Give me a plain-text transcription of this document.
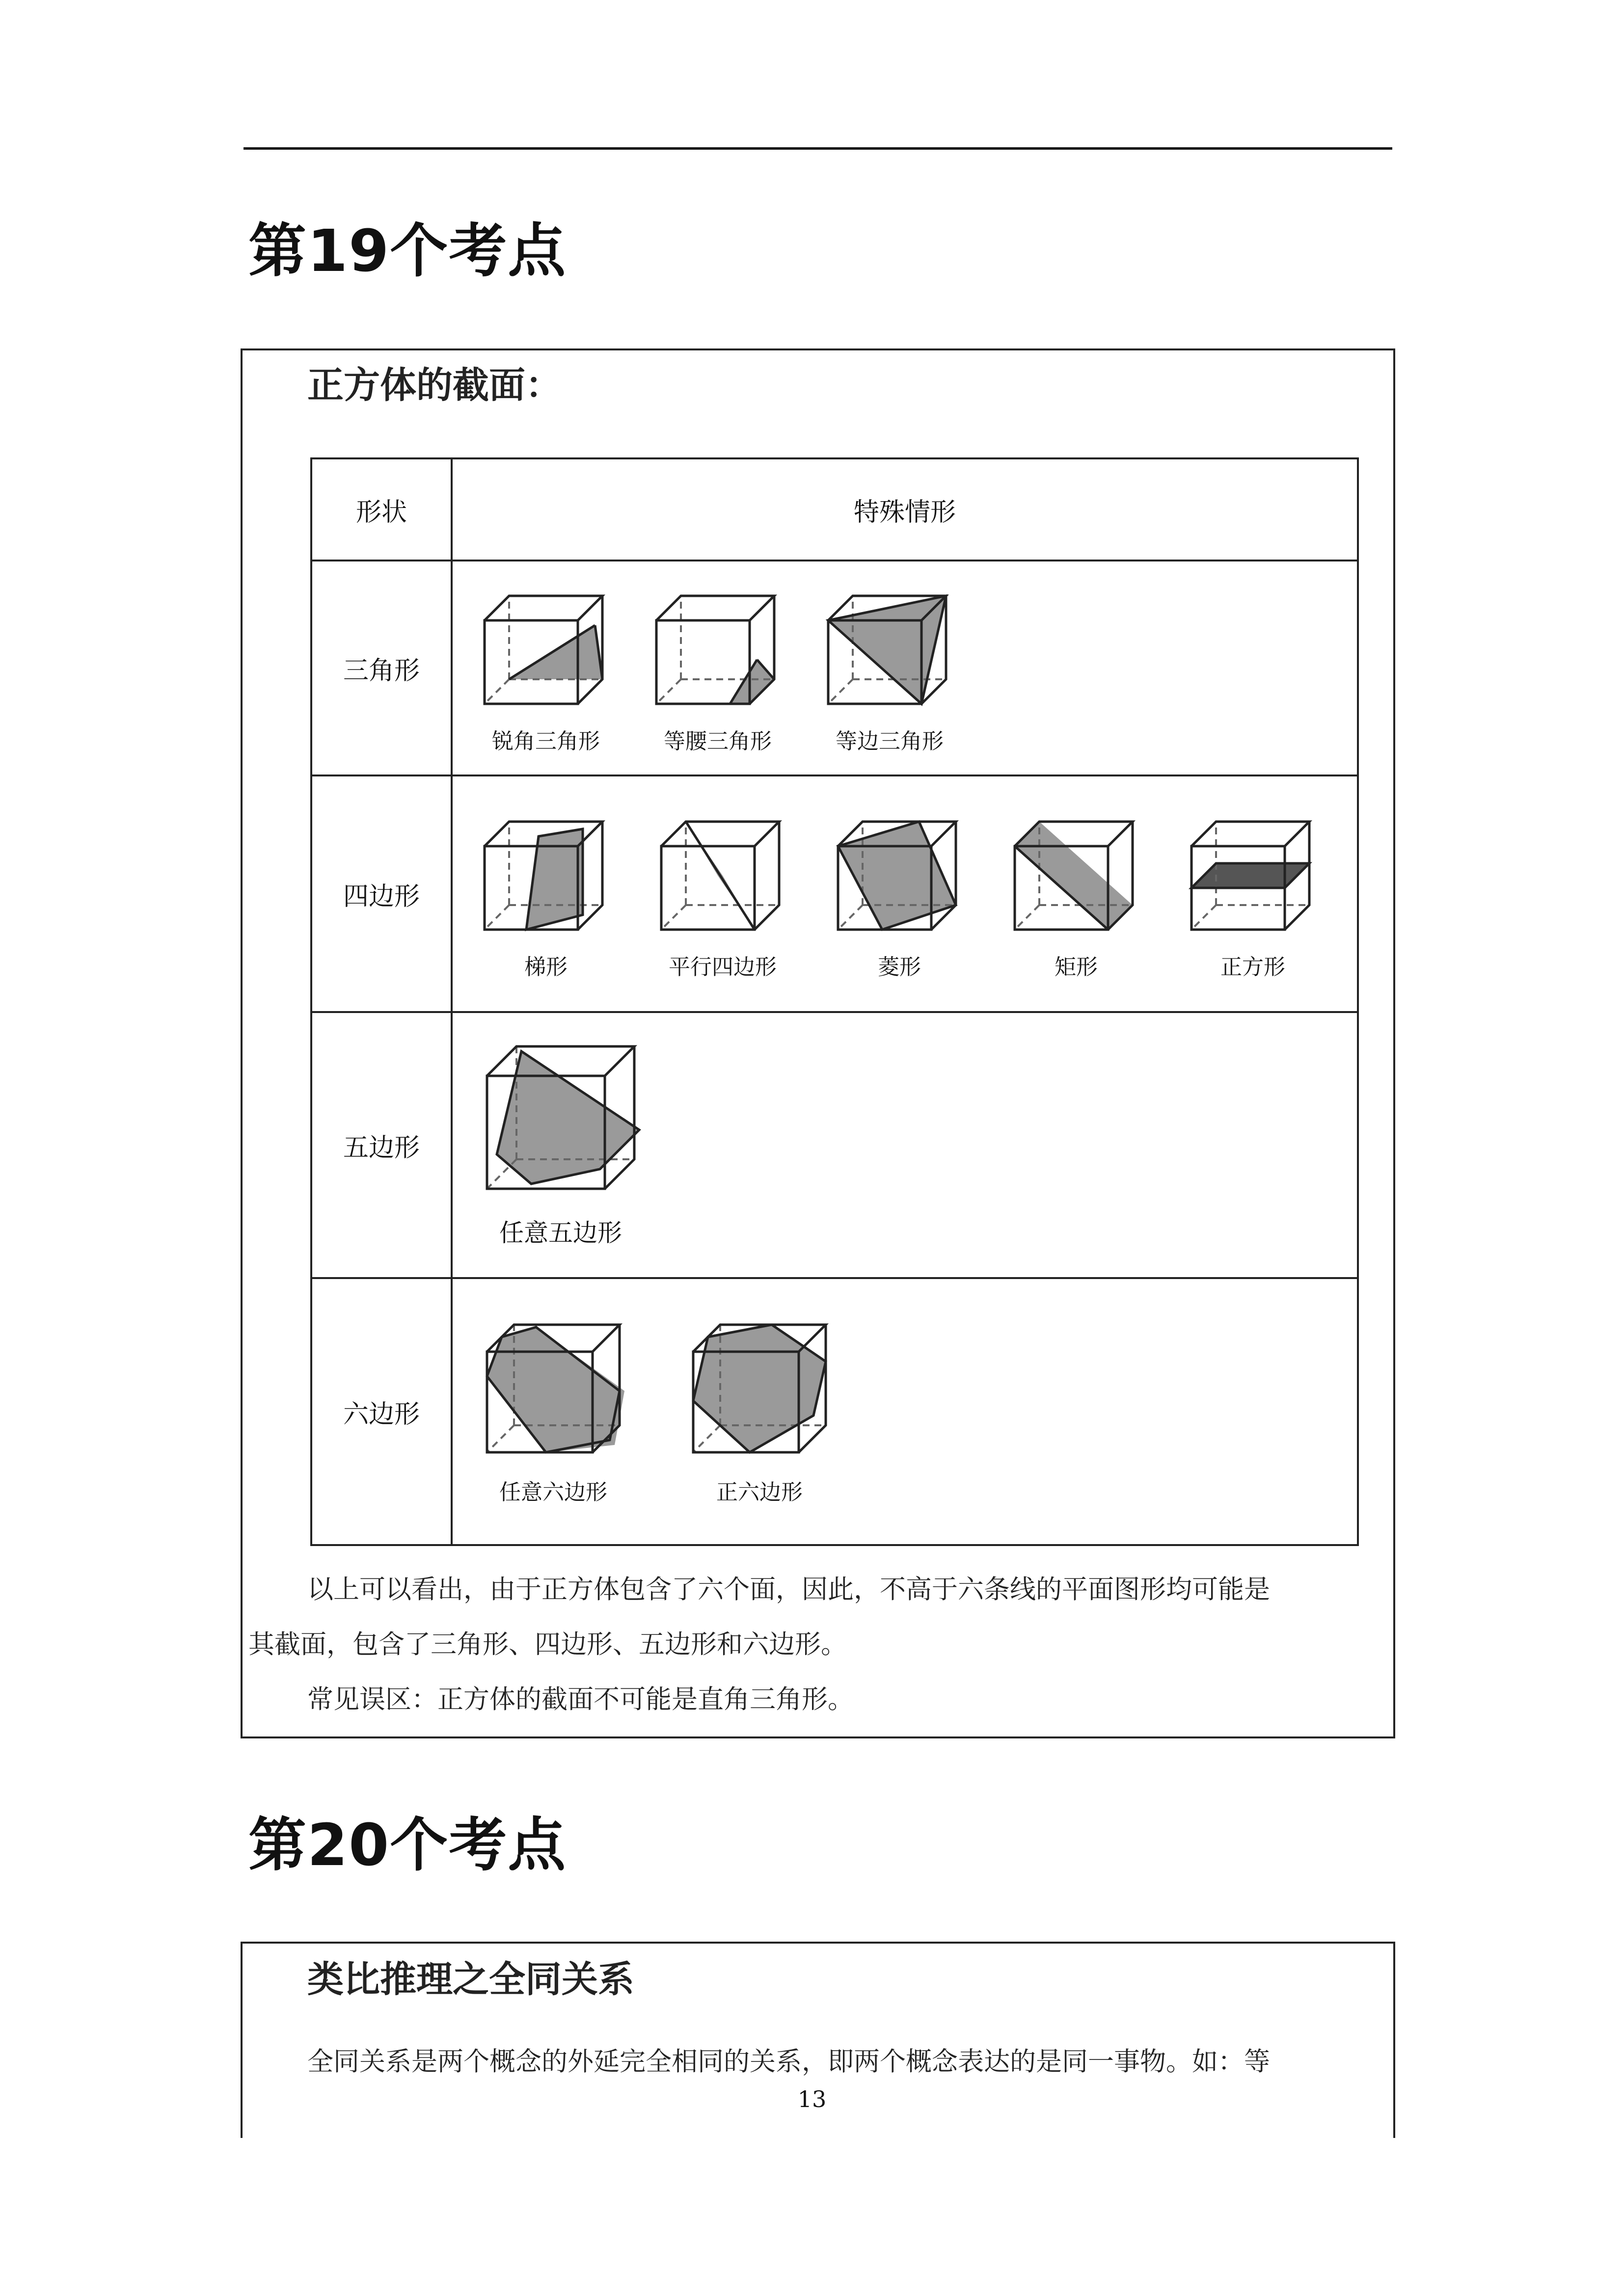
第19个考点
正方体的截面：
形状	特殊情形
三角形	锐角三角形 等腰三角形 等边三角形

四边形	梯形 平行四边形 菱形 矩形 正方形

五边形	任意五边形

六边形	任意六边形 正六边形
以上可以看出，由于正方体包含了六个面，因此，不高于六条线的平面图形均可能是
其截面，包含了三角形、四边形、五边形和六边形。
常见误区：正方体的截面不可能是直角三角形。
第20个考点
类比推理之全同关系
全同关系是两个概念的外延完全相同的关系，即两个概念表达的是同一事物。如：等
13
